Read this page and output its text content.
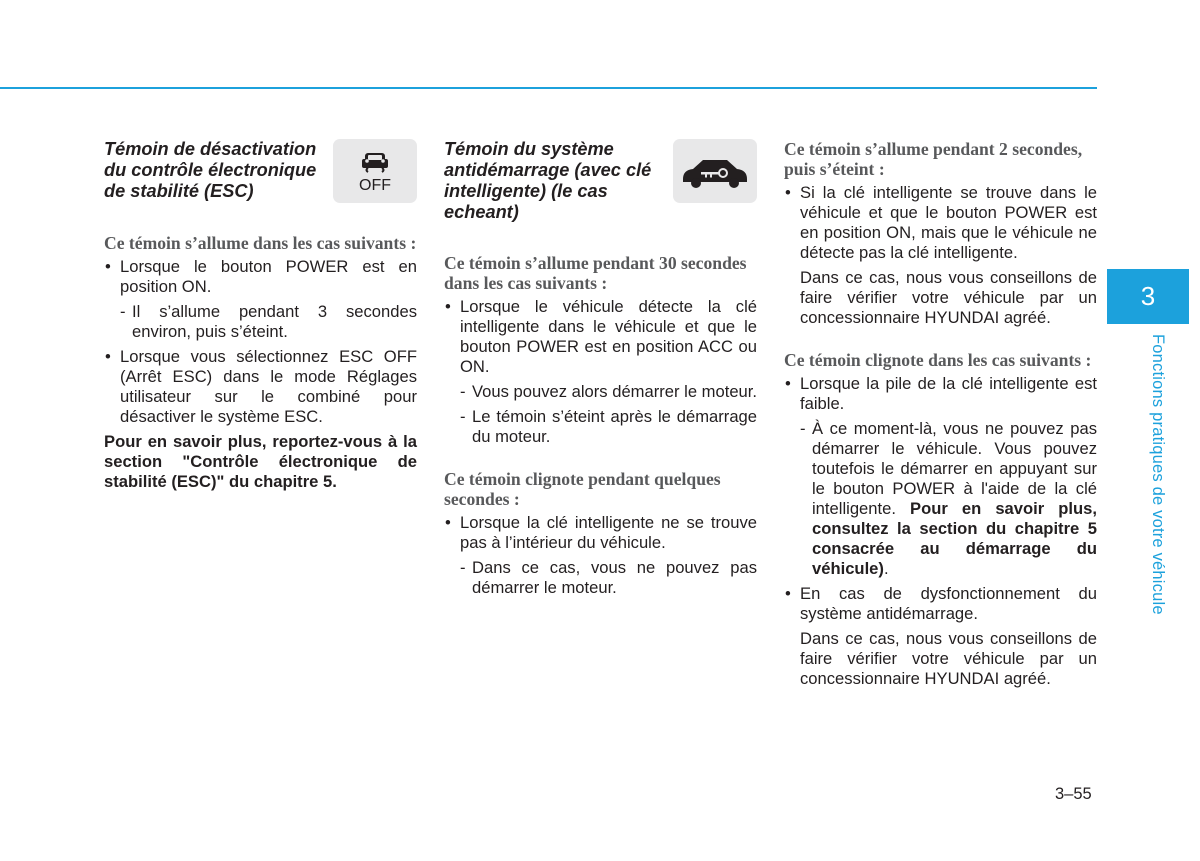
Témoin de désactivation du contrôle électronique de stabilité (ESC)	OFF
Ce témoin s’allume dans les cas suivants :
• Lorsque le bouton POWER est en position ON.
- Il s’allume pendant 3 secondes environ, puis s’éteint.
• Lorsque vous sélectionnez ESC OFF (Arrêt ESC) dans le mode Réglages utilisateur sur le combiné pour désactiver le système ESC.
Pour en savoir plus, reportez-vous à la section "Contrôle électronique de stabilité (ESC)" du chapitre 5.
Témoin du système antidémarrage (avec clé intelligente) (le cas echeant)
Ce témoin s’allume pendant 30 secondes dans les cas suivants :
• Lorsque le véhicule détecte la clé intelligente dans le véhicule et que le bouton POWER est en position ACC ou ON.
- Vous pouvez alors démarrer le moteur.
- Le témoin s’éteint après le démarrage du moteur.
Ce témoin clignote pendant quelques secondes :
• Lorsque la clé intelligente ne se trouve pas à l’intérieur du véhicule.
- Dans ce cas, vous ne pouvez pas démarrer le moteur.
Ce témoin s’allume pendant 2 secondes, puis s’éteint :
• Si la clé intelligente se trouve dans le véhicule et que le bouton POWER est en position ON, mais que le véhicule ne détecte pas la clé intelligente.
Dans ce cas, nous vous conseillons de faire vérifier votre véhicule par un concessionnaire HYUNDAI agréé.
Ce témoin clignote dans les cas suivants :
• Lorsque la pile de la clé intelligente est faible.
- À ce moment-là, vous ne pouvez pas démarrer le véhicule. Vous pouvez toutefois le démarrer en appuyant sur le bouton POWER à l'aide de la clé intelligente. Pour en savoir plus, consultez la section du chapitre 5 consacrée au démarrage du véhicule).
• En cas de dysfonctionnement du système antidémarrage.
Dans ce cas, nous vous conseillons de faire vérifier votre véhicule par un concessionnaire HYUNDAI agréé.
3
Fonctions pratiques de votre véhicule
3–55
